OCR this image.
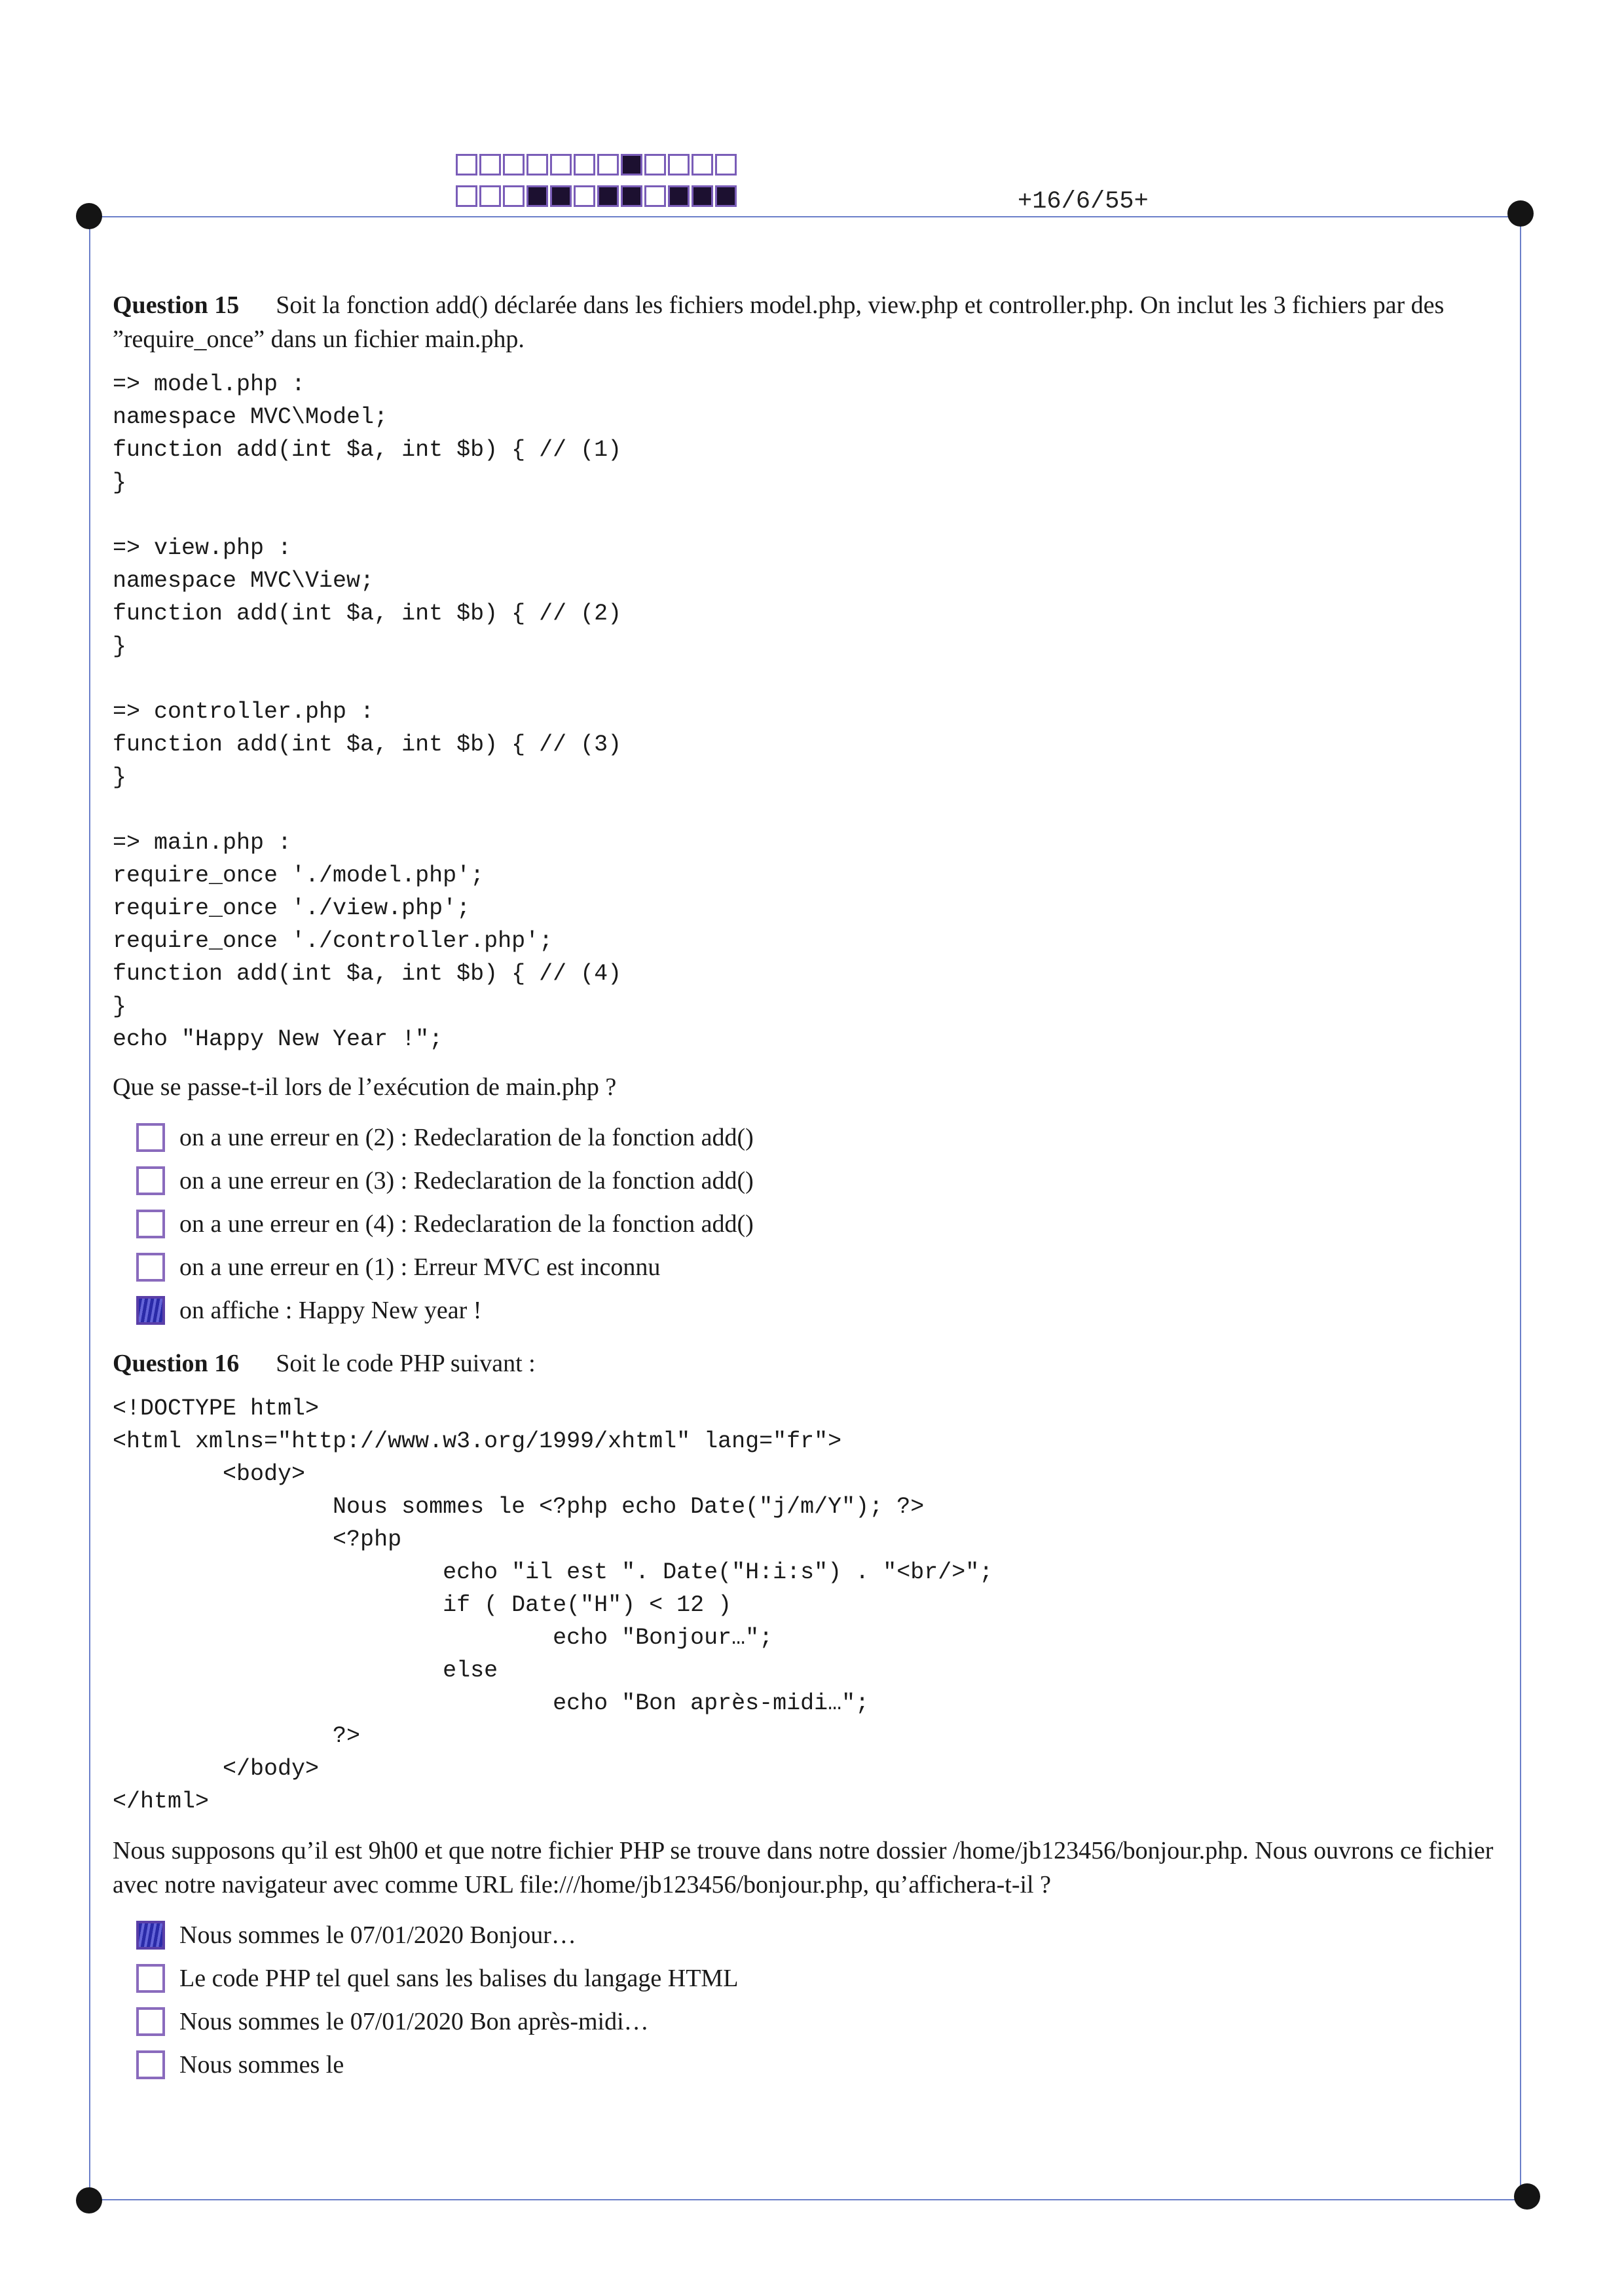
+16/6/55+

Question 15 Soit la fonction add() déclarée dans les fichiers model.php, view.php et controller.php. On inclut les 3 fichiers par des ”require_once” dans un fichier main.php.

=> model.php :
namespace MVC\Model;
function add(int $a, int $b) { // (1)
}

=> view.php :
namespace MVC\View;
function add(int $a, int $b) { // (2)
}

=> controller.php :
function add(int $a, int $b) { // (3)
}

=> main.php :
require_once './model.php';
require_once './view.php';
require_once './controller.php';
function add(int $a, int $b) { // (4)
}
echo "Happy New Year !";

Que se passe-t-il lors de l’exécution de main.php ?

on a une erreur en (2) : Redeclaration de la fonction add()
on a une erreur en (3) : Redeclaration de la fonction add()
on a une erreur en (4) : Redeclaration de la fonction add()
on a une erreur en (1) : Erreur MVC est inconnu
on affiche : Happy New year !

Question 16 Soit le code PHP suivant :

<!DOCTYPE html>
<html xmlns="http://www.w3.org/1999/xhtml" lang="fr">
<body>
Nous sommes le <?php echo Date("j/m/Y"); ?>
<?php
echo "il est ". Date("H:i:s") . "<br/>";
if ( Date("H") < 12 )
echo "Bonjour…";
else
echo "Bon après-midi…";
?>
</body>
</html>

Nous supposons qu’il est 9h00 et que notre fichier PHP se trouve dans notre dossier /home/jb123456/bonjour.php. Nous ouvrons ce fichier avec notre navigateur avec comme URL file:///home/jb123456/bonjour.php, qu’affichera-t-il ?

Nous sommes le 07/01/2020 Bonjour…
Le code PHP tel quel sans les balises du langage HTML
Nous sommes le 07/01/2020 Bon après-midi…
Nous sommes le
